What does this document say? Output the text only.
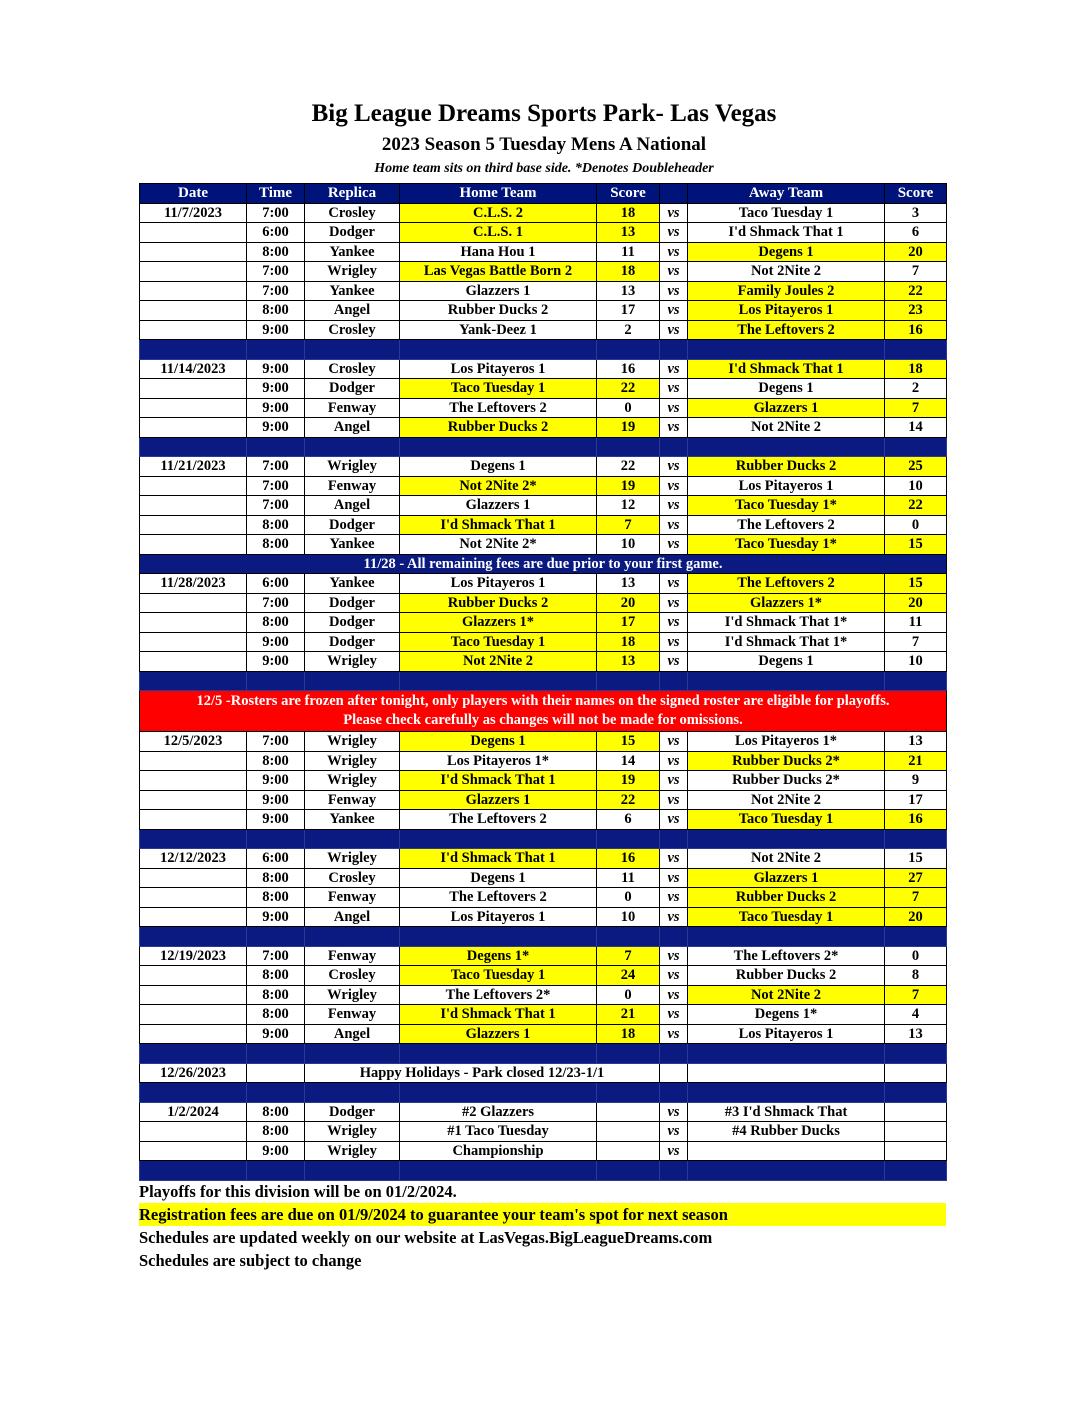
Big League Dreams Sports Park- Las Vegas
2023 Season 5 Tuesday Mens A National
Home team sits on third base side. *Denotes Doubleheader
Date	Time	Replica	Home Team	Score		Away Team	Score
11/7/2023	7:00	Crosley	C.L.S. 2	18	vs	Taco Tuesday 1	3
	6:00	Dodger	C.L.S. 1	13	vs	I'd Shmack That 1	6
	8:00	Yankee	Hana Hou 1	11	vs	Degens 1	20
	7:00	Wrigley	Las Vegas Battle Born 2	18	vs	Not 2Nite 2	7
	7:00	Yankee	Glazzers 1	13	vs	Family Joules 2	22
	8:00	Angel	Rubber Ducks 2	17	vs	Los Pitayeros 1	23
	9:00	Crosley	Yank-Deez 1	2	vs	The Leftovers 2	16

11/14/2023	9:00	Crosley	Los Pitayeros 1	16	vs	I'd Shmack That 1	18
	9:00	Dodger	Taco Tuesday 1	22	vs	Degens 1	2
	9:00	Fenway	The Leftovers 2	0	vs	Glazzers 1	7
	9:00	Angel	Rubber Ducks 2	19	vs	Not 2Nite 2	14

11/21/2023	7:00	Wrigley	Degens 1	22	vs	Rubber Ducks 2	25
	7:00	Fenway	Not 2Nite 2*	19	vs	Los Pitayeros 1	10
	7:00	Angel	Glazzers 1	12	vs	Taco Tuesday 1*	22
	8:00	Dodger	I'd Shmack That 1	7	vs	The Leftovers 2	0
	8:00	Yankee	Not 2Nite 2*	10	vs	Taco Tuesday 1*	15
11/28 - All remaining fees are due prior to your first game.							
11/28/2023	6:00	Yankee	Los Pitayeros 1	13	vs	The Leftovers 2	15
	7:00	Dodger	Rubber Ducks 2	20	vs	Glazzers 1*	20
	8:00	Dodger	Glazzers 1*	17	vs	I'd Shmack That 1*	11
	9:00	Dodger	Taco Tuesday 1	18	vs	I'd Shmack That 1*	7
	9:00	Wrigley	Not 2Nite 2	13	vs	Degens 1	10

12/5 -Rosters are frozen after tonight, only players with their names on the signed roster are eligible for playoffs.
Please check carefully as changes will not be made for omissions.							

12/5/2023	7:00	Wrigley	Degens 1	15	vs	Los Pitayeros 1*	13
	8:00	Wrigley	Los Pitayeros 1*	14	vs	Rubber Ducks 2*	21
	9:00	Wrigley	I'd Shmack That 1	19	vs	Rubber Ducks 2*	9
	9:00	Fenway	Glazzers 1	22	vs	Not 2Nite 2	17
	9:00	Yankee	The Leftovers 2	6	vs	Taco Tuesday 1	16

12/12/2023	6:00	Wrigley	I'd Shmack That 1	16	vs	Not 2Nite 2	15
	8:00	Crosley	Degens 1	11	vs	Glazzers 1	27
	8:00	Fenway	The Leftovers 2	0	vs	Rubber Ducks 2	7
	9:00	Angel	Los Pitayeros 1	10	vs	Taco Tuesday 1	20

12/19/2023	7:00	Fenway	Degens 1*	7	vs	The Leftovers 2*	0
	8:00	Crosley	Taco Tuesday 1	24	vs	Rubber Ducks 2	8
	8:00	Wrigley	The Leftovers 2*	0	vs	Not 2Nite 2	7
	8:00	Fenway	I'd Shmack That 1	21	vs	Degens 1*	4
	9:00	Angel	Glazzers 1	18	vs	Los Pitayeros 1	13

12/26/2023		Happy Holidays - Park closed 12/23-1/1					

1/2/2024	8:00	Dodger	#2 Glazzers		vs	#3 I'd Shmack That	
	8:00	Wrigley	#1 Taco Tuesday		vs	#4 Rubber Ducks	
	9:00	Wrigley	Championship		vs		

Playoffs for this division will be on 01/2/2024.
Registration fees are due on 01/9/2024 to guarantee your team's spot for next season
Schedules are updated weekly on our website at LasVegas.BigLeagueDreams.com
Schedules are subject to change
